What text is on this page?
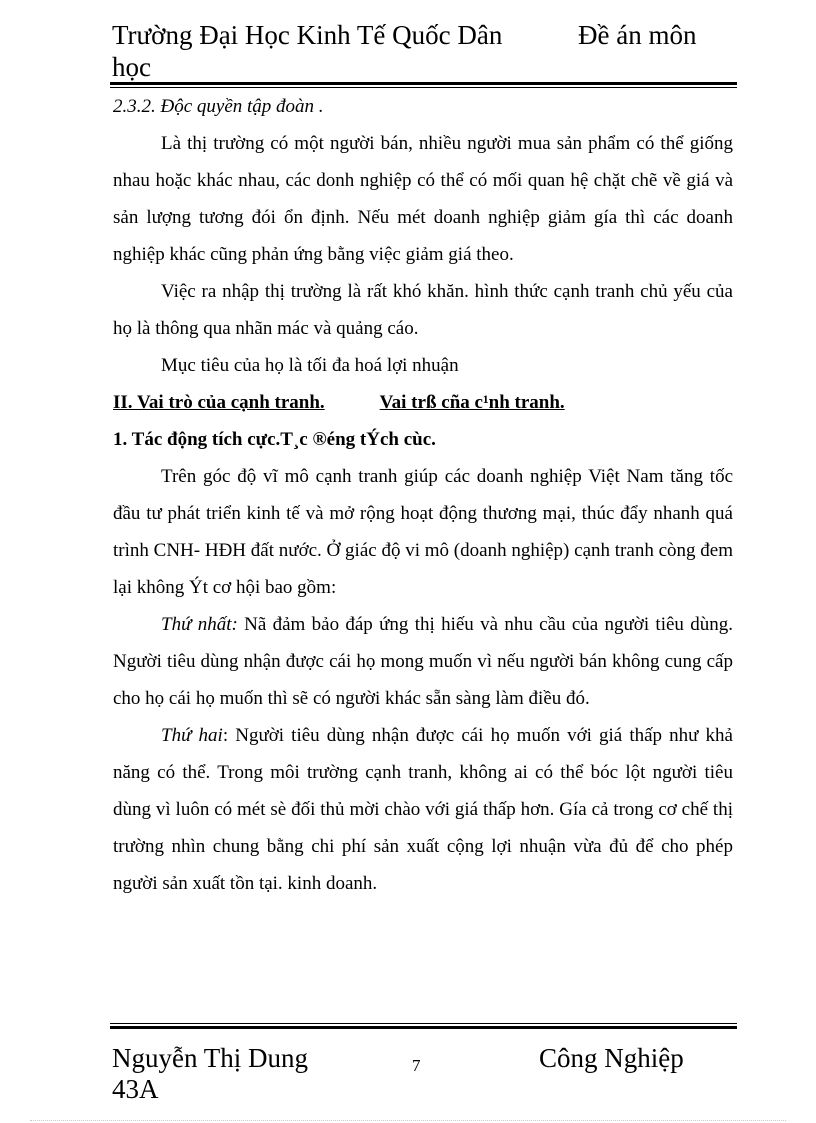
Trường Đại Học Kinh Tế Quốc Dân	Đề án môn
học

2.3.2. Độc quyền tập đoàn .

Là thị trường có một người bán, nhiều người mua sản phẩm có thể giống nhau hoặc khác nhau, các donh nghiệp có thể có mối quan hệ chặt chẽ về giá và sản lượng tương đói ổn định. Nếu mét doanh nghiệp giảm gía thì các doanh nghiệp khác cũng phản ứng bằng việc giảm giá theo.

Việc ra nhập thị trường là rất khó khăn. hình thức cạnh tranh chủ yếu của họ là thông qua nhãn mác và quảng cáo.

Mục tiêu của họ là tối đa hoá lợi nhuận

II. Vai trò của cạnh tranh.	Vai trß cña c¹nh tranh.

1. Tác động tích cực.T¸c ®éng tÝch cùc.

Trên góc độ vĩ mô cạnh tranh giúp các doanh nghiệp Việt Nam tăng tốc đầu tư phát triển kinh tế và mở rộng hoạt động thương mại, thúc đẩy nhanh quá trình CNH- HĐH đất nước. Ở giác độ vi mô (doanh nghiệp) cạnh tranh còng đem lại không Ýt cơ hội bao gồm:

Thứ nhất: Nã đảm bảo đáp ứng thị hiếu và nhu cầu của người tiêu dùng. Người tiêu dùng nhận được cái họ mong muốn vì nếu người bán không cung cấp cho họ cái họ muốn thì sẽ có người khác sẵn sàng làm điều đó.

Thứ hai: Người tiêu dùng nhận được cái họ muốn với giá thấp như khả năng có thể. Trong môi trường cạnh tranh, không ai có thể bóc lột người tiêu dùng vì luôn có mét sè đối thủ mời chào với giá thấp hơn. Gía cả trong cơ chế thị trường nhìn chung bằng chi phí sản xuất cộng lợi nhuận vừa đủ để cho phép người sản xuất tồn tại. kinh doanh.

Nguyễn Thị Dung
43A
7	Công Nghiệp
